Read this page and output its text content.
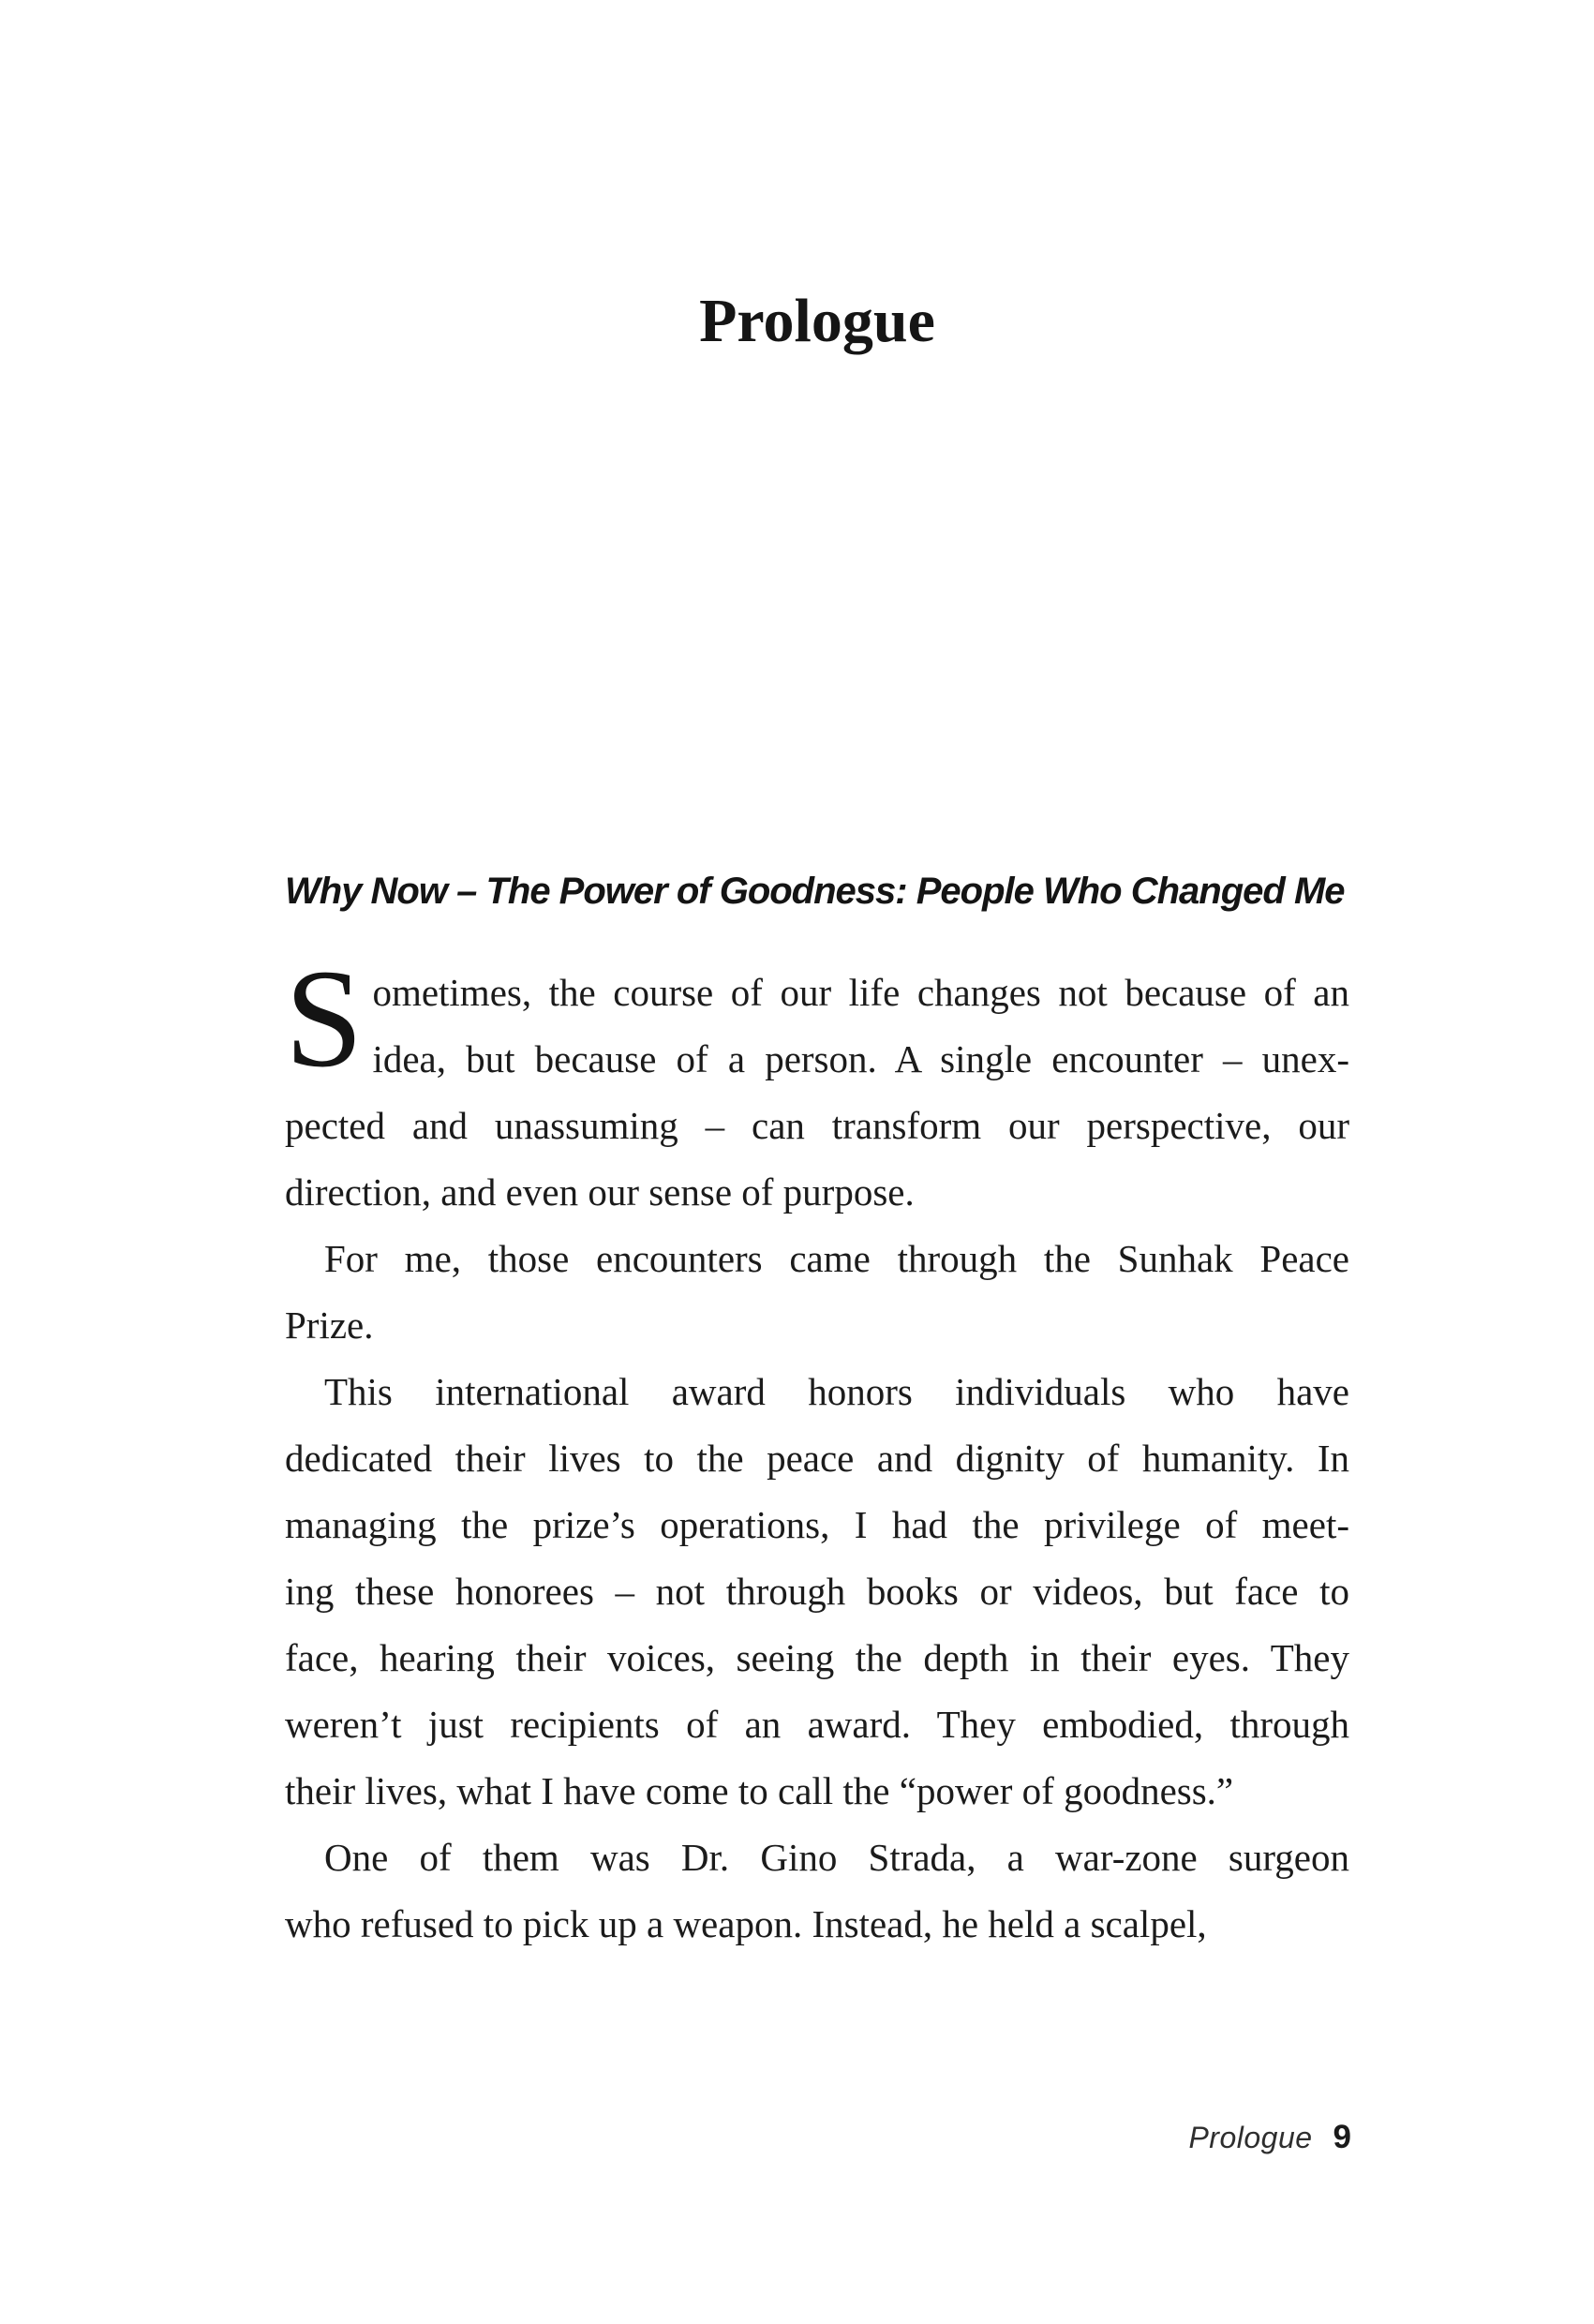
Prologue
Why Now – The Power of Goodness: People Who Changed Me
S ometimes, the course of our life changes not because of an
idea, but because of a person. A single encounter – unex-
pected and unassuming – can transform our perspective, our
direction, and even our sense of purpose.
For me, those encounters came through the Sunhak Peace
Prize.
This international award honors individuals who have
dedicated their lives to the peace and dignity of humanity. In
managing the prize’s operations, I had the privilege of meet-
ing these honorees – not through books or videos, but face to
face, hearing their voices, seeing the depth in their eyes. They
weren’t just recipients of an award. They embodied, through
their lives, what I have come to call the “power of goodness.”
One of them was Dr. Gino Strada, a war-zone surgeon
who refused to pick up a weapon. Instead, he held a scalpel,
Prologue 9
